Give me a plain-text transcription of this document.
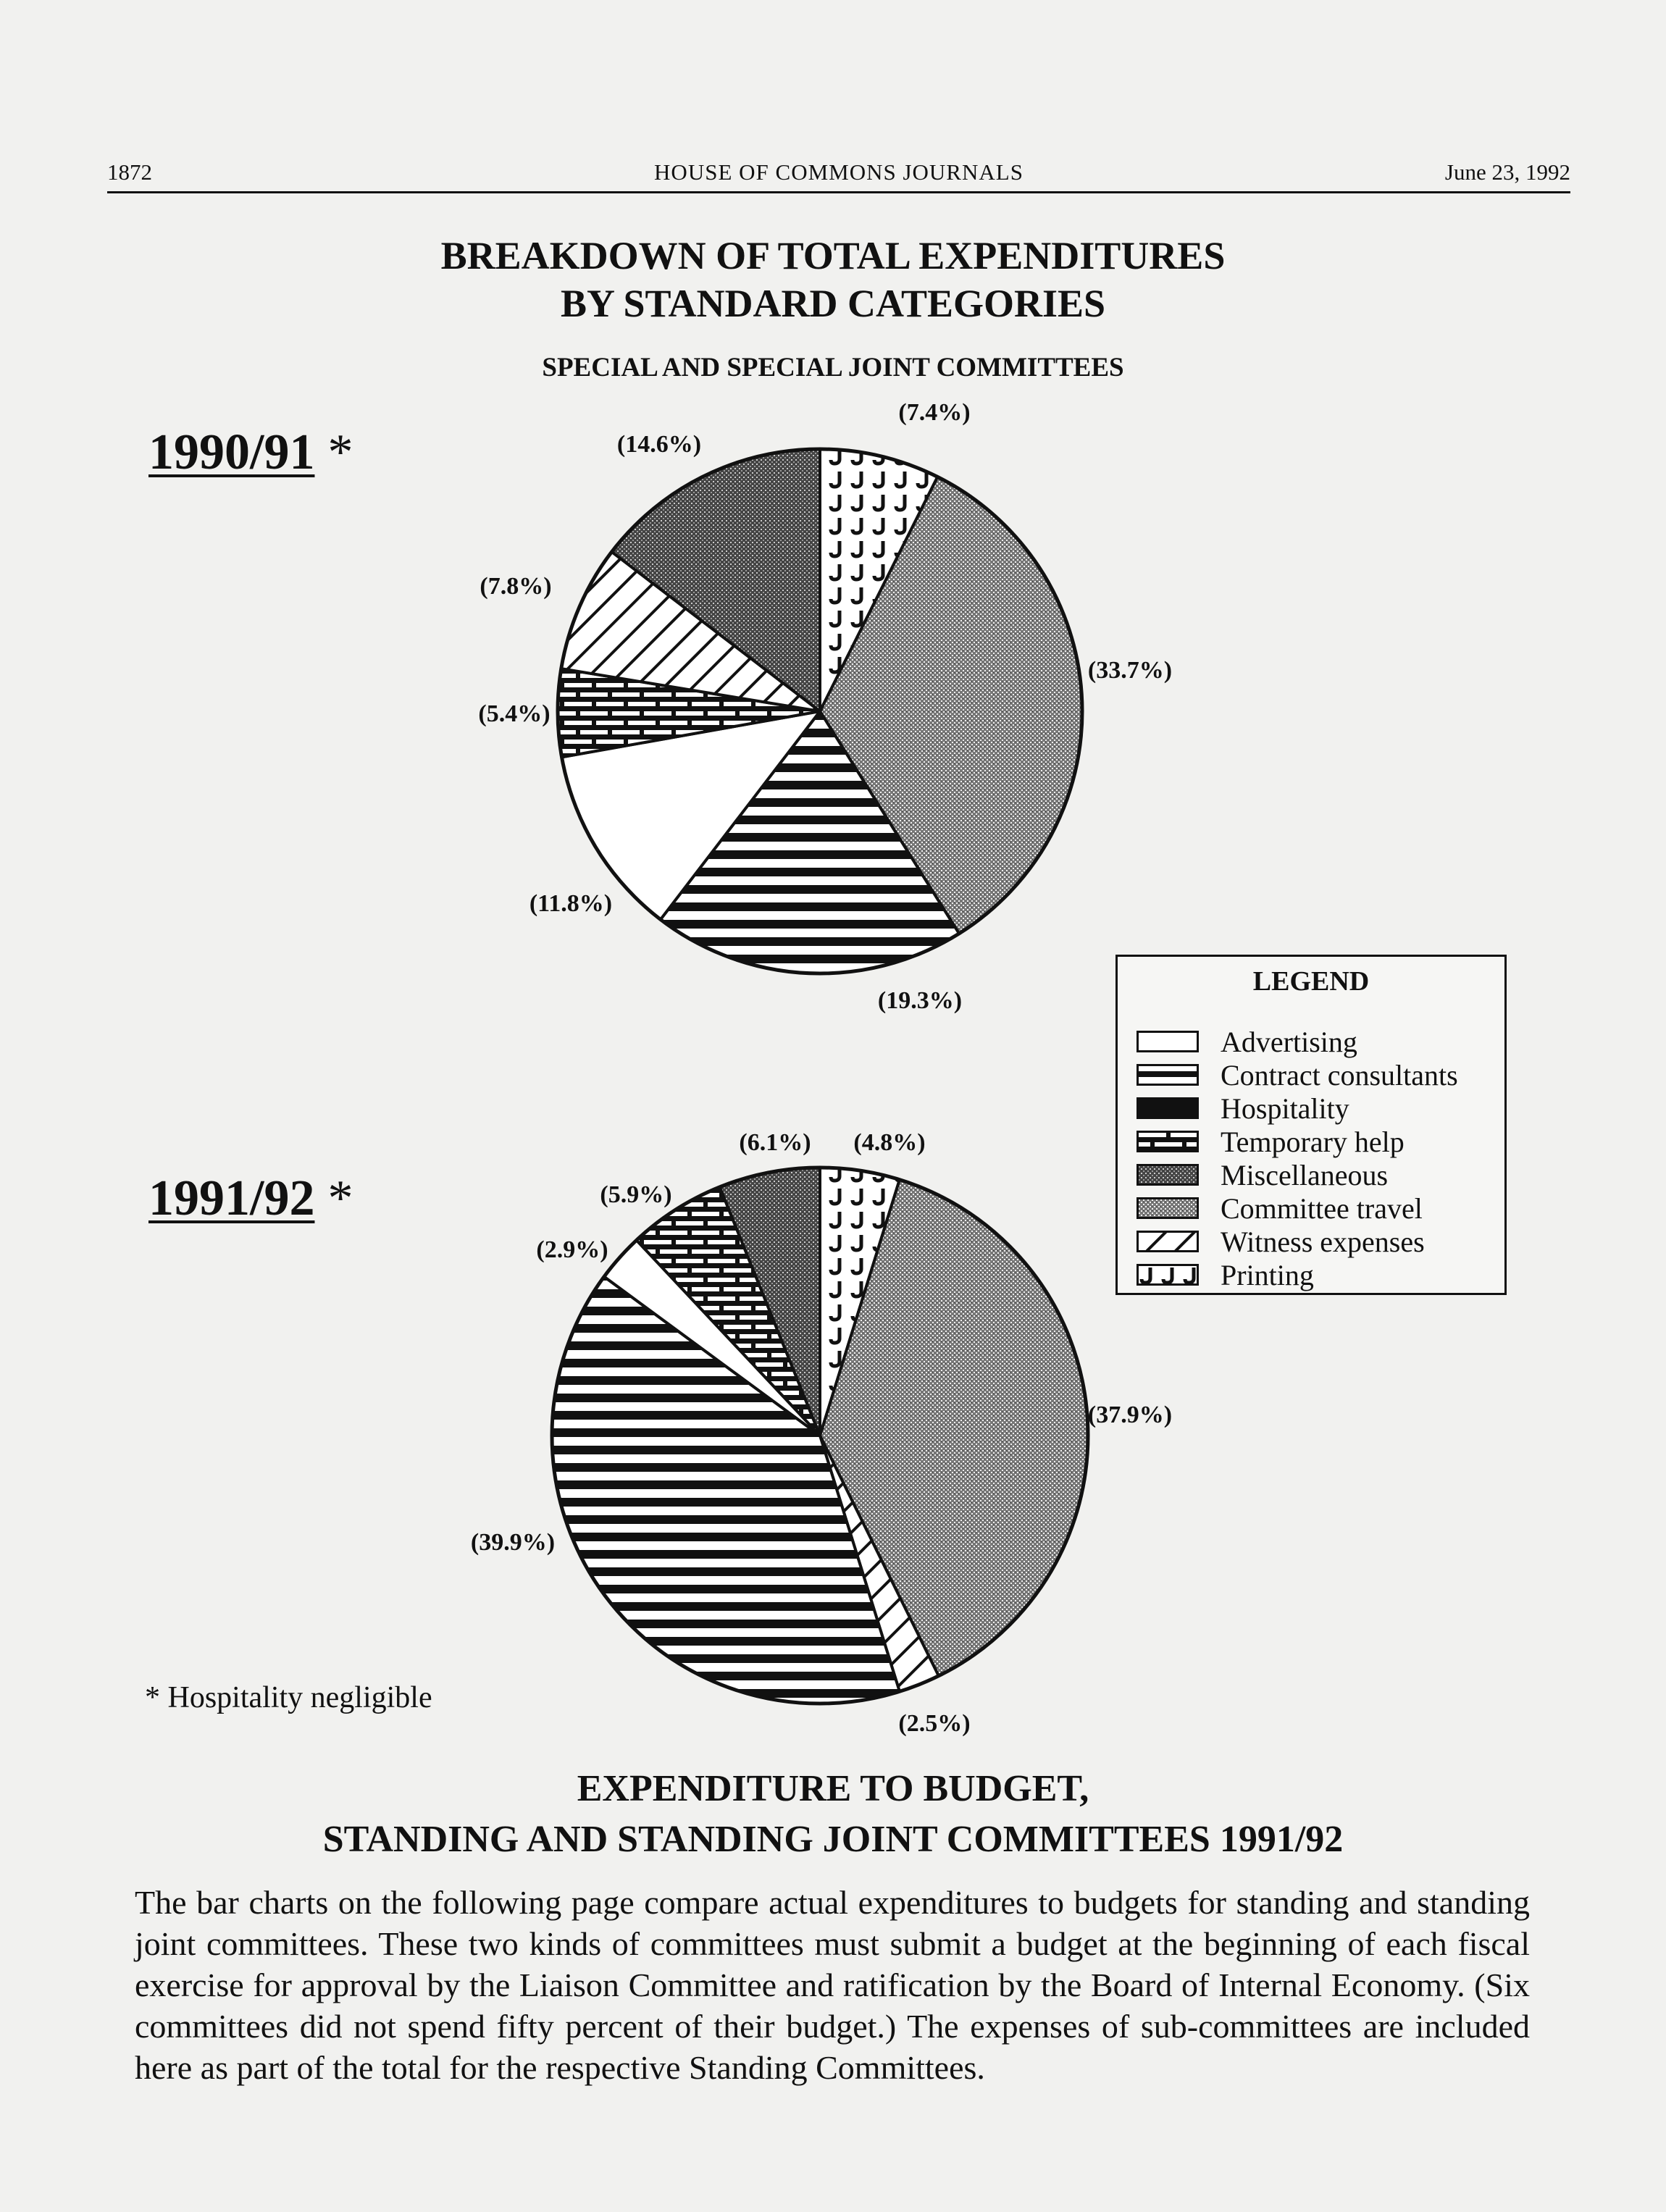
1872	HOUSE OF COMMONS JOURNALS	June 23, 1992
BREAKDOWN OF TOTAL EXPENDITURES
BY STANDARD CATEGORIES
SPECIAL AND SPECIAL JOINT COMMITTEES
1990/91 *
1991/92 *
(7.4%)
(33.7%)
(19.3%)
(11.8%)
(5.4%)
(7.8%)
(14.6%)
(4.8%)
(37.9%)
(2.5%)
(39.9%)
(2.9%)
(5.9%)
(6.1%)
LEGEND
Advertising
Contract consultants
Hospitality
Temporary help
Miscellaneous
Committee travel
Witness expenses
Printing
* Hospitality negligible
EXPENDITURE TO BUDGET,
STANDING AND STANDING JOINT COMMITTEES 1991/92
The bar charts on the following page compare actual expenditures to budgets for standing and standing joint committees. These two kinds of committees must submit a budget at the beginning of each fiscal exercise for approval by the Liaison Committee and ratification by the Board of Internal Economy. (Six committees did not spend fifty percent of their budget.) The expenses of sub-committees are included here as part of the total for the respective Standing Committees.
